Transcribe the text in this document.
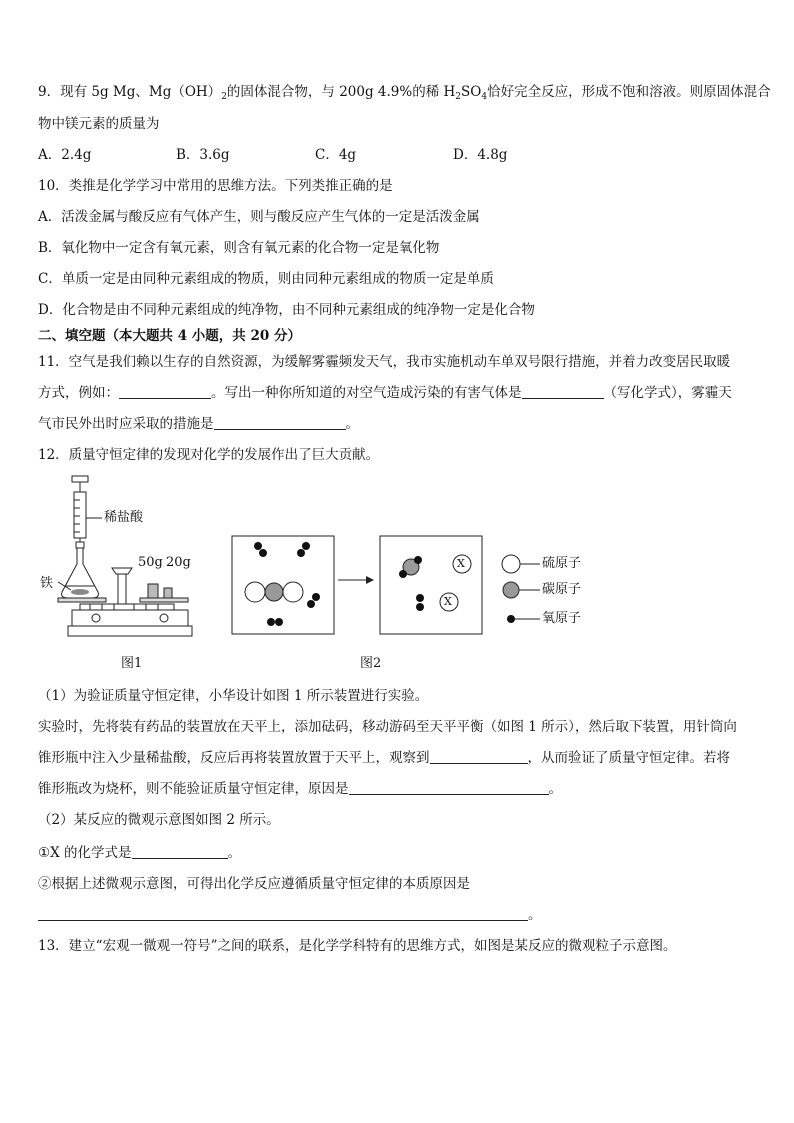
9．现有 5g Mg、$Mg(OH)_2$的固体混合物，与 200g 4.9%的稀 $H_2SO_4$恰好完全反应，形成不饱和溶液。则原固体混合
物中镁元素的质量为
A．2.4g	B．3.6g	C．4g	D．4.8g
10．类推是化学学习中常用的思维方法。下列类推正确的是
A．活泼金属与酸反应有气体产生，则与酸反应产生气体的一定是活泼金属
B．氧化物中一定含有氧元素，则含有氧元素的化合物一定是氧化物
C．单质一定是由同种元素组成的物质，则由同种元素组成的物质一定是单质
D．化合物是由不同种元素组成的纯净物，由不同种元素组成的纯净物一定是化合物
二、填空题（本大题共 4 小题，共 20 分）
11．空气是我们赖以生存的自然资源，为缓解雾霾频发天气，我市实施机动车单双号限行措施，并着力改变居民取暖
方式，例如：	。写出一种你所知道的对空气造成污染的有害气体是	（写化学式），雾霾天
气市民外出时应采取的措施是	。
12．质量守恒定律的发现对化学的发展作出了巨大贡献。
稀盐酸
铁
50g 20g
图1
X
X
图2
硫原子
碳原子
氧原子
（1）为验证质量守恒定律，小华设计如图 1 所示装置进行实验。
实验时，先将装有药品的装置放在天平上，添加砝码，移动游码至天平平衡（如图 1 所示），然后取下装置，用针筒向
锥形瓶中注入少量稀盐酸，反应后再将装置放置于天平上，观察到	，从而验证了质量守恒定律。若将
锥形瓶改为烧杯，则不能验证质量守恒定律，原因是	。
（2）某反应的微观示意图如图 2 所示。
①X 的化学式是	。
②根据上述微观示意图，可得出化学反应遵循质量守恒定律的本质原因是
。
13．建立“宏观一微观一符号”之间的联系，是化学学科特有的思维方式，如图是某反应的微观粒子示意图。
